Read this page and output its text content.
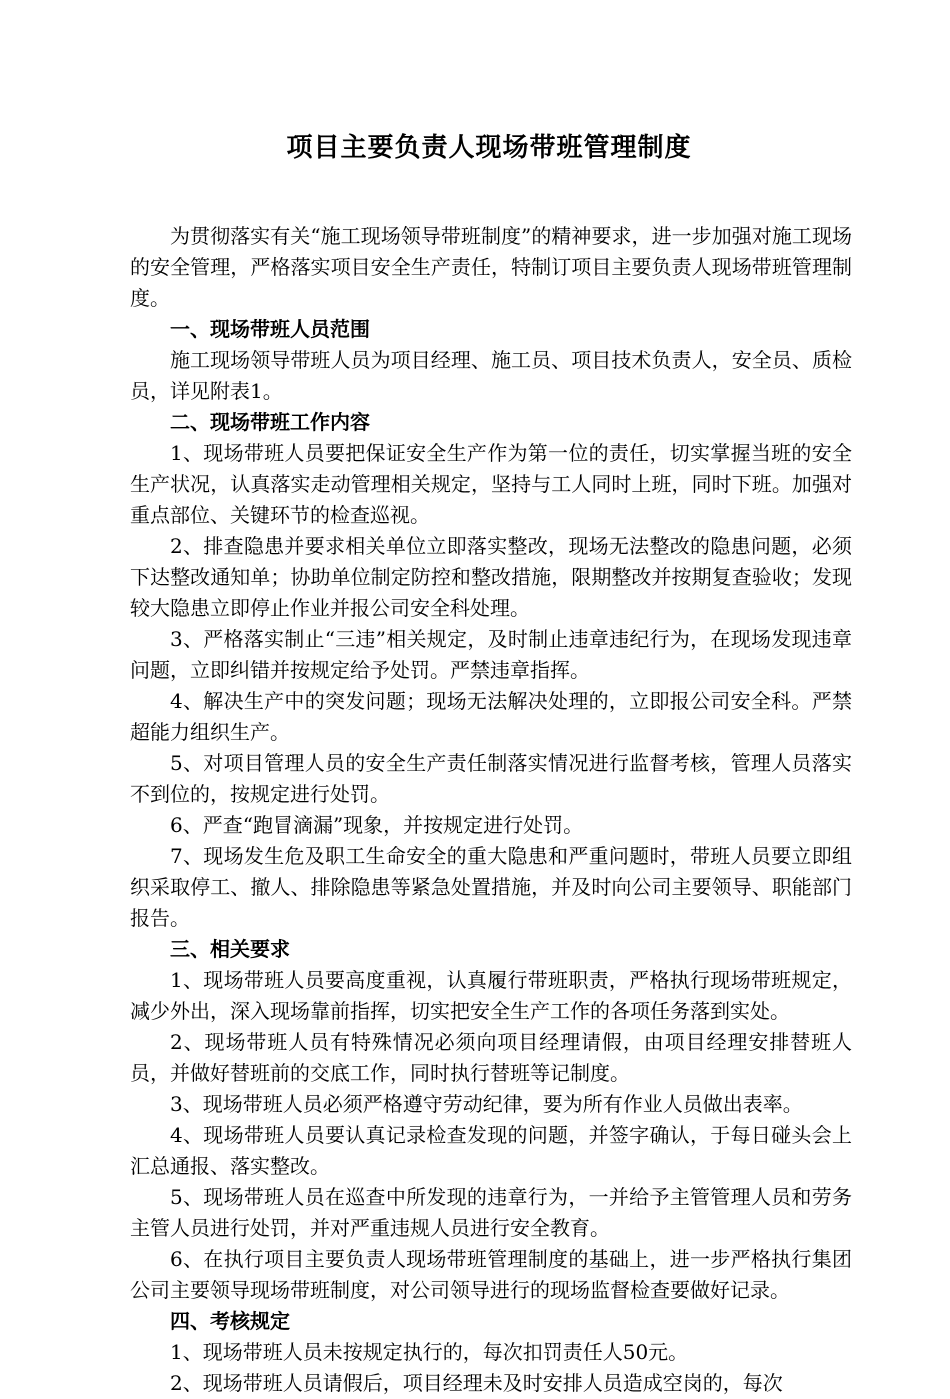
项目主要负责人现场带班管理制度

为贯彻落实有关“施工现场领导带班制度”的精神要求，进一步加强对施工现场的安全管理，严格落实项目安全生产责任，特制订项目主要负责人现场带班管理制度。

一、现场带班人员范围

施工现场领导带班人员为项目经理、施工员、项目技术负责人，安全员、质检员，详见附表1。

二、现场带班工作内容

1、现场带班人员要把保证安全生产作为第一位的责任，切实掌握当班的安全生产状况，认真落实走动管理相关规定，坚持与工人同时上班，同时下班。加强对重点部位、关键环节的检查巡视。

2、排查隐患并要求相关单位立即落实整改，现场无法整改的隐患问题，必须下达整改通知单；协助单位制定防控和整改措施，限期整改并按期复查验收；发现较大隐患立即停止作业并报公司安全科处理。

3、严格落实制止“三违”相关规定，及时制止违章违纪行为，在现场发现违章问题，立即纠错并按规定给予处罚。严禁违章指挥。

4、解决生产中的突发问题；现场无法解决处理的，立即报公司安全科。严禁超能力组织生产。

5、对项目管理人员的安全生产责任制落实情况进行监督考核，管理人员落实不到位的，按规定进行处罚。

6、严查“跑冒滴漏”现象，并按规定进行处罚。

7、现场发生危及职工生命安全的重大隐患和严重问题时，带班人员要立即组织采取停工、撤人、排除隐患等紧急处置措施，并及时向公司主要领导、职能部门报告。

三、相关要求

1、现场带班人员要高度重视，认真履行带班职责，严格执行现场带班规定，减少外出，深入现场靠前指挥，切实把安全生产工作的各项任务落到实处。

2、现场带班人员有特殊情况必须向项目经理请假，由项目经理安排替班人员，并做好替班前的交底工作，同时执行替班等记制度。

3、现场带班人员必须严格遵守劳动纪律，要为所有作业人员做出表率。

4、现场带班人员要认真记录检查发现的问题，并签字确认，于每日碰头会上汇总通报、落实整改。

5、现场带班人员在巡查中所发现的违章行为，一并给予主管管理人员和劳务主管人员进行处罚，并对严重违规人员进行安全教育。

6、在执行项目主要负责人现场带班管理制度的基础上，进一步严格执行集团公司主要领导现场带班制度，对公司领导进行的现场监督检查要做好记录。

四、考核规定

1、现场带班人员未按规定执行的，每次扣罚责任人50元。

2、现场带班人员请假后，项目经理未及时安排人员造成空岗的，每次
